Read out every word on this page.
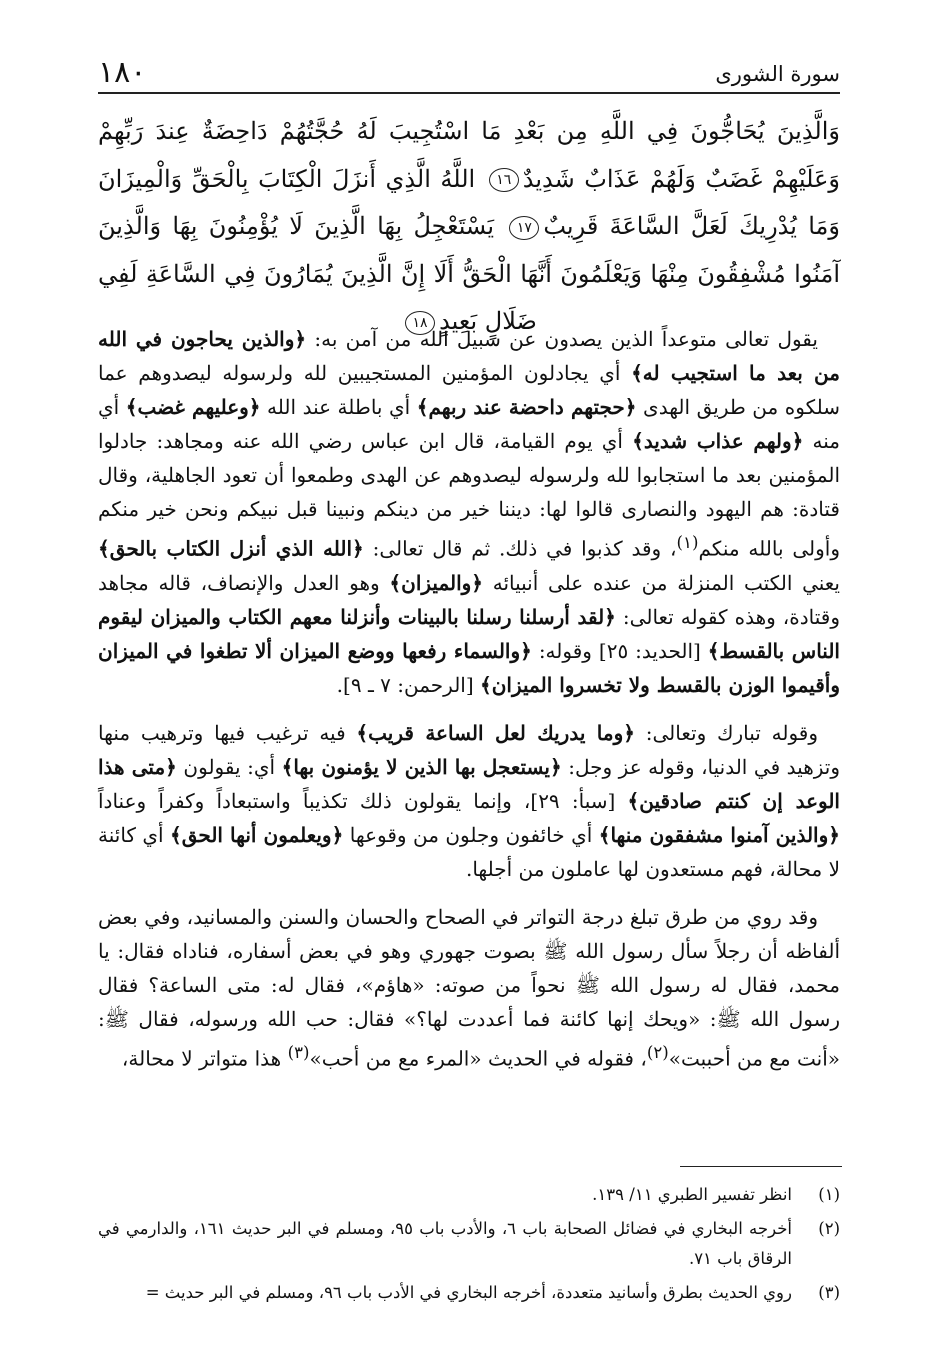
١٨٠	سورة الشورى
وَالَّذِينَ يُحَاجُّونَ فِي اللَّهِ مِن بَعْدِ مَا اسْتُجِيبَ لَهُ حُجَّتُهُمْ دَاحِضَةٌ عِندَ رَبِّهِمْ وَعَلَيْهِمْ غَضَبٌ وَلَهُمْ عَذَابٌ شَدِيدٌ١٦ اللَّهُ الَّذِي أَنزَلَ الْكِتَابَ بِالْحَقِّ وَالْمِيزَانَ وَمَا يُدْرِيكَ لَعَلَّ السَّاعَةَ قَرِيبٌ١٧ يَسْتَعْجِلُ بِهَا الَّذِينَ لَا يُؤْمِنُونَ بِهَا وَالَّذِينَ آمَنُوا مُشْفِقُونَ مِنْهَا وَيَعْلَمُونَ أَنَّهَا الْحَقُّ أَلَا إِنَّ الَّذِينَ يُمَارُونَ فِي السَّاعَةِ لَفِي ضَلَالٍ بَعِيدٍ١٨

يقول تعالى متوعداً الذين يصدون عن سبيل الله من آمن به: ﴿والذين يحاجون في الله من بعد ما استجيب له﴾ أي يجادلون المؤمنين المستجيبين لله ولرسوله ليصدوهم عما سلكوه من طريق الهدى ﴿حجتهم داحضة عند ربهم﴾ أي باطلة عند الله ﴿وعليهم غضب﴾ أي منه ﴿ولهم عذاب شديد﴾ أي يوم القيامة، قال ابن عباس رضي الله عنه ومجاهد: جادلوا المؤمنين بعد ما استجابوا لله ولرسوله ليصدوهم عن الهدى وطمعوا أن تعود الجاهلية، وقال قتادة: هم اليهود والنصارى قالوا لها: ديننا خير من دينكم ونبينا قبل نبيكم ونحن خير منكم وأولى بالله منكم$^{(١)}$، وقد كذبوا في ذلك. ثم قال تعالى: ﴿الله الذي أنزل الكتاب بالحق﴾ يعني الكتب المنزلة من عنده على أنبيائه ﴿والميزان﴾ وهو العدل والإنصاف، قاله مجاهد وقتادة، وهذه كقوله تعالى: ﴿لقد أرسلنا رسلنا بالبينات وأنزلنا معهم الكتاب والميزان ليقوم الناس بالقسط﴾ [الحديد: ٢٥] وقوله: ﴿والسماء رفعها ووضع الميزان ألا تطغوا في الميزان وأقيموا الوزن بالقسط ولا تخسروا الميزان﴾ [الرحمن: ٧ ـ ٩].

وقوله تبارك وتعالى: ﴿وما يدريك لعل الساعة قريب﴾ فيه ترغيب فيها وترهيب منها وتزهيد في الدنيا، وقوله عز وجل: ﴿يستعجل بها الذين لا يؤمنون بها﴾ أي: يقولون ﴿متى هذا الوعد إن كنتم صادقين﴾ [سبأ: ٢٩]، وإنما يقولون ذلك تكذيباً واستبعاداً وكفراً وعناداً ﴿والذين آمنوا مشفقون منها﴾ أي خائفون وجلون من وقوعها ﴿ويعلمون أنها الحق﴾ أي كائنة لا محالة، فهم مستعدون لها عاملون من أجلها.

وقد روي من طرق تبلغ درجة التواتر في الصحاح والحسان والسنن والمسانيد، وفي بعض ألفاظه أن رجلاً سأل رسول الله ﷺ بصوت جهوري وهو في بعض أسفاره، فناداه فقال: يا محمد، فقال له رسول الله ﷺ نحواً من صوته: «هاؤم»، فقال له: متى الساعة؟ فقال رسول الله ﷺ: «ويحك إنها كائنة فما أعددت لها؟» فقال: حب الله ورسوله، فقال ﷺ: «أنت مع من أحببت»$^{(٢)}$، فقوله في الحديث «المرء مع من أحب»$^{(٣)}$ هذا متواتر لا محالة،

(١)
انظر تفسير الطبري ١١/ ١٣٩.
(٢)
أخرجه البخاري في فضائل الصحابة باب ٦، والأدب باب ٩٥، ومسلم في البر حديث ١٦١، والدارمي في الرقاق باب ٧١.
(٣)
روي الحديث بطرق وأسانيد متعددة، أخرجه البخاري في الأدب باب ٩٦، ومسلم في البر حديث =
